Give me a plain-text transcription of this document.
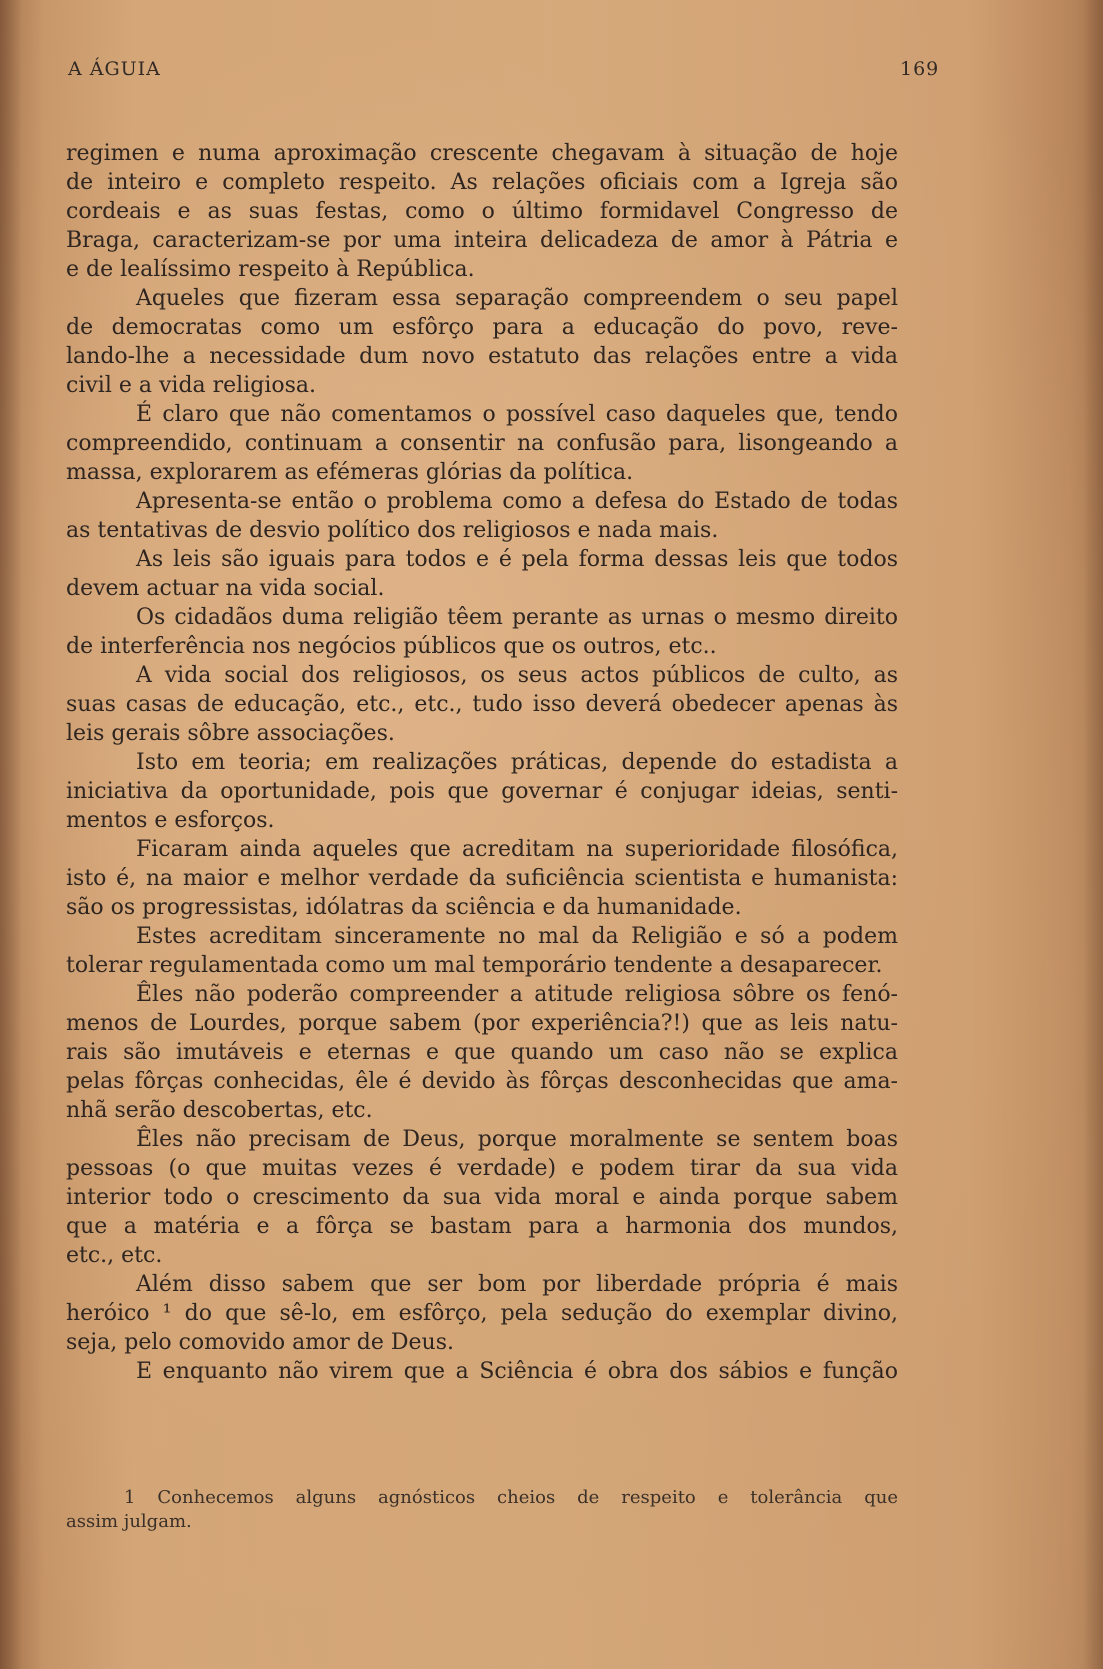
A ÁGUIA	169
regimen e numa aproximação crescente chegavam à situação de hoje
de inteiro e completo respeito. As relações oficiais com a Igreja são
cordeais e as suas festas, como o último formidavel Congresso de
Braga, caracterizam-se por uma inteira delicadeza de amor à Pátria e
e de lealíssimo respeito à República.
Aqueles que fizeram essa separação compreendem o seu papel
de democratas como um esfôrço para a educação do povo, reve-
lando-lhe a necessidade dum novo estatuto das relações entre a vida
civil e a vida religiosa.
É claro que não comentamos o possível caso daqueles que, tendo
compreendido, continuam a consentir na confusão para, lisongeando a
massa, explorarem as efémeras glórias da política.
Apresenta-se então o problema como a defesa do Estado de todas
as tentativas de desvio político dos religiosos e nada mais.
As leis são iguais para todos e é pela forma dessas leis que todos
devem actuar na vida social.
Os cidadãos duma religião têem perante as urnas o mesmo direito
de interferência nos negócios públicos que os outros, etc..
A vida social dos religiosos, os seus actos públicos de culto, as
suas casas de educação, etc., etc., tudo isso deverá obedecer apenas às
leis gerais sôbre associações.
Isto em teoria; em realizações práticas, depende do estadista a
iniciativa da oportunidade, pois que governar é conjugar ideias, senti-
mentos e esforços.
Ficaram ainda aqueles que acreditam na superioridade filosófica,
isto é, na maior e melhor verdade da suficiência scientista e humanista:
são os progressistas, idólatras da sciência e da humanidade.
Estes acreditam sinceramente no mal da Religião e só a podem
tolerar regulamentada como um mal temporário tendente a desaparecer.
Êles não poderão compreender a atitude religiosa sôbre os fenó-
menos de Lourdes, porque sabem (por experiência?!) que as leis natu-
rais são imutáveis e eternas e que quando um caso não se explica
pelas fôrças conhecidas, êle é devido às fôrças desconhecidas que ama-
nhã serão descobertas, etc.
Êles não precisam de Deus, porque moralmente se sentem boas
pessoas (o que muitas vezes é verdade) e podem tirar da sua vida
interior todo o crescimento da sua vida moral e ainda porque sabem
que a matéria e a fôrça se bastam para a harmonia dos mundos,
etc., etc.
Além disso sabem que ser bom por liberdade própria é mais
heróico ¹ do que sê-lo, em esfôrço, pela sedução do exemplar divino,
seja, pelo comovido amor de Deus.
E enquanto não virem que a Sciência é obra dos sábios e função
1 Conhecemos alguns agnósticos cheios de respeito e tolerância que
assim julgam.
